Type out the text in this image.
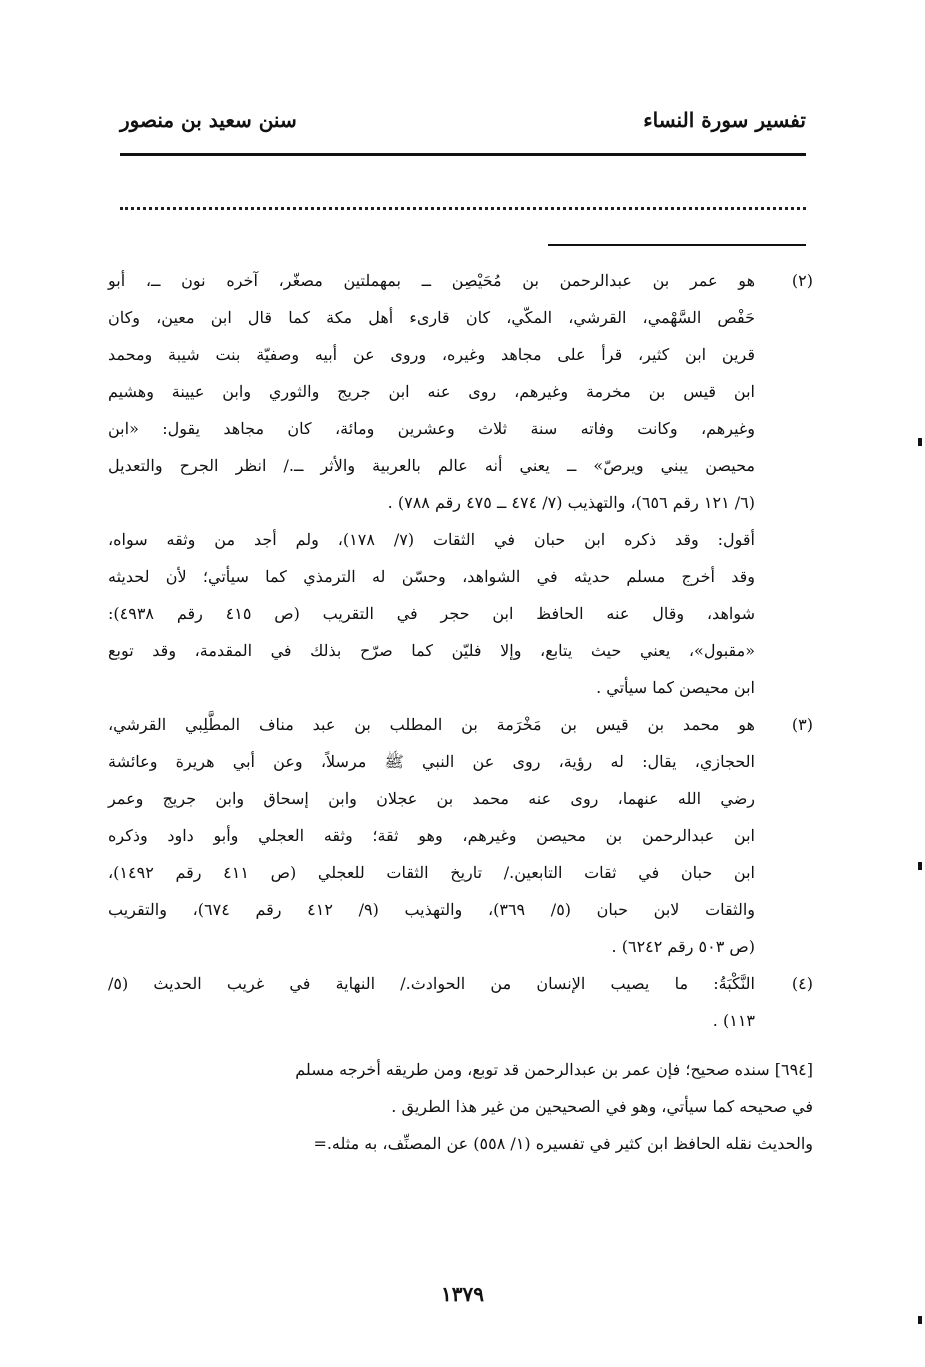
تفسير سورة النساء
سنن سعيد بن منصور
(٢)
هو عمر بن عبدالرحمن بن مُحَيْصِن ــ بمهملتين مصغّر، آخره نون ــ، أبو
حَفْص السَّهْمي، القرشي، المكّي، كان قارىء أهل مكة كما قال ابن معين، وكان
قرين ابن كثير، قرأ على مجاهد وغيره، وروى عن أبيه وصفيّة بنت شيبة ومحمد
ابن قيس بن مخرمة وغيرهم، روى عنه ابن جريج والثوري وابن عيينة وهشيم
وغيرهم، وكانت وفاته سنة ثلاث وعشرين ومائة، كان مجاهد يقول: «ابن
محيصن يبني ويرصّ» ــ يعني أنه عالم بالعربية والأثر ــ./ انظر الجرح والتعديل
(٦/ ١٢١ رقم ٦٥٦)، والتهذيب (٧/ ٤٧٤ ــ ٤٧٥ رقم ٧٨٨) .
أقول: وقد ذكره ابن حبان في الثقات (٧/ ١٧٨)، ولم أجد من وثقه سواه،
وقد أخرج مسلم حديثه في الشواهد، وحسّن له الترمذي كما سيأتي؛ لأن لحديثه
شواهد، وقال عنه الحافظ ابن حجر في التقريب (ص ٤١٥ رقم ٤٩٣٨):
«مقبول»، يعني حيث يتابع، وإلا فليّن كما صرّح بذلك في المقدمة، وقد توبع
ابن محيصن كما سيأتي .
(٣)
هو محمد بن قيس بن مَخْرَمة بن المطلب بن عبد مناف المطَّلِبي القرشي،
الحجازي، يقال: له رؤية، روى عن النبي ﷺ مرسلاً، وعن أبي هريرة وعائشة
رضي الله عنهما، روى عنه محمد بن عجلان وابن إسحاق وابن جريج وعمر
ابن عبدالرحمن بن محيصن وغيرهم، وهو ثقة؛ وثقه العجلي وأبو داود وذكره
ابن حبان في ثقات التابعين./ تاريخ الثقات للعجلي (ص ٤١١ رقم ١٤٩٢)،
والثقات لابن حبان (٥/ ٣٦٩)، والتهذيب (٩/ ٤١٢ رقم ٦٧٤)، والتقريب
(ص ٥٠٣ رقم ٦٢٤٢) .
(٤)
النَّكْبَةُ: ما يصيب الإنسان من الحوادث./ النهاية في غريب الحديث (٥/
١١٣) .
[٦٩٤] سنده صحيح؛ فإن عمر بن عبدالرحمن قد توبع، ومن طريقه أخرجه مسلم
في صحيحه كما سيأتي، وهو في الصحيحين من غير هذا الطريق .
والحديث نقله الحافظ ابن كثير في تفسيره (١/ ٥٥٨) عن المصنِّف، به مثله.=
١٣٧٩
